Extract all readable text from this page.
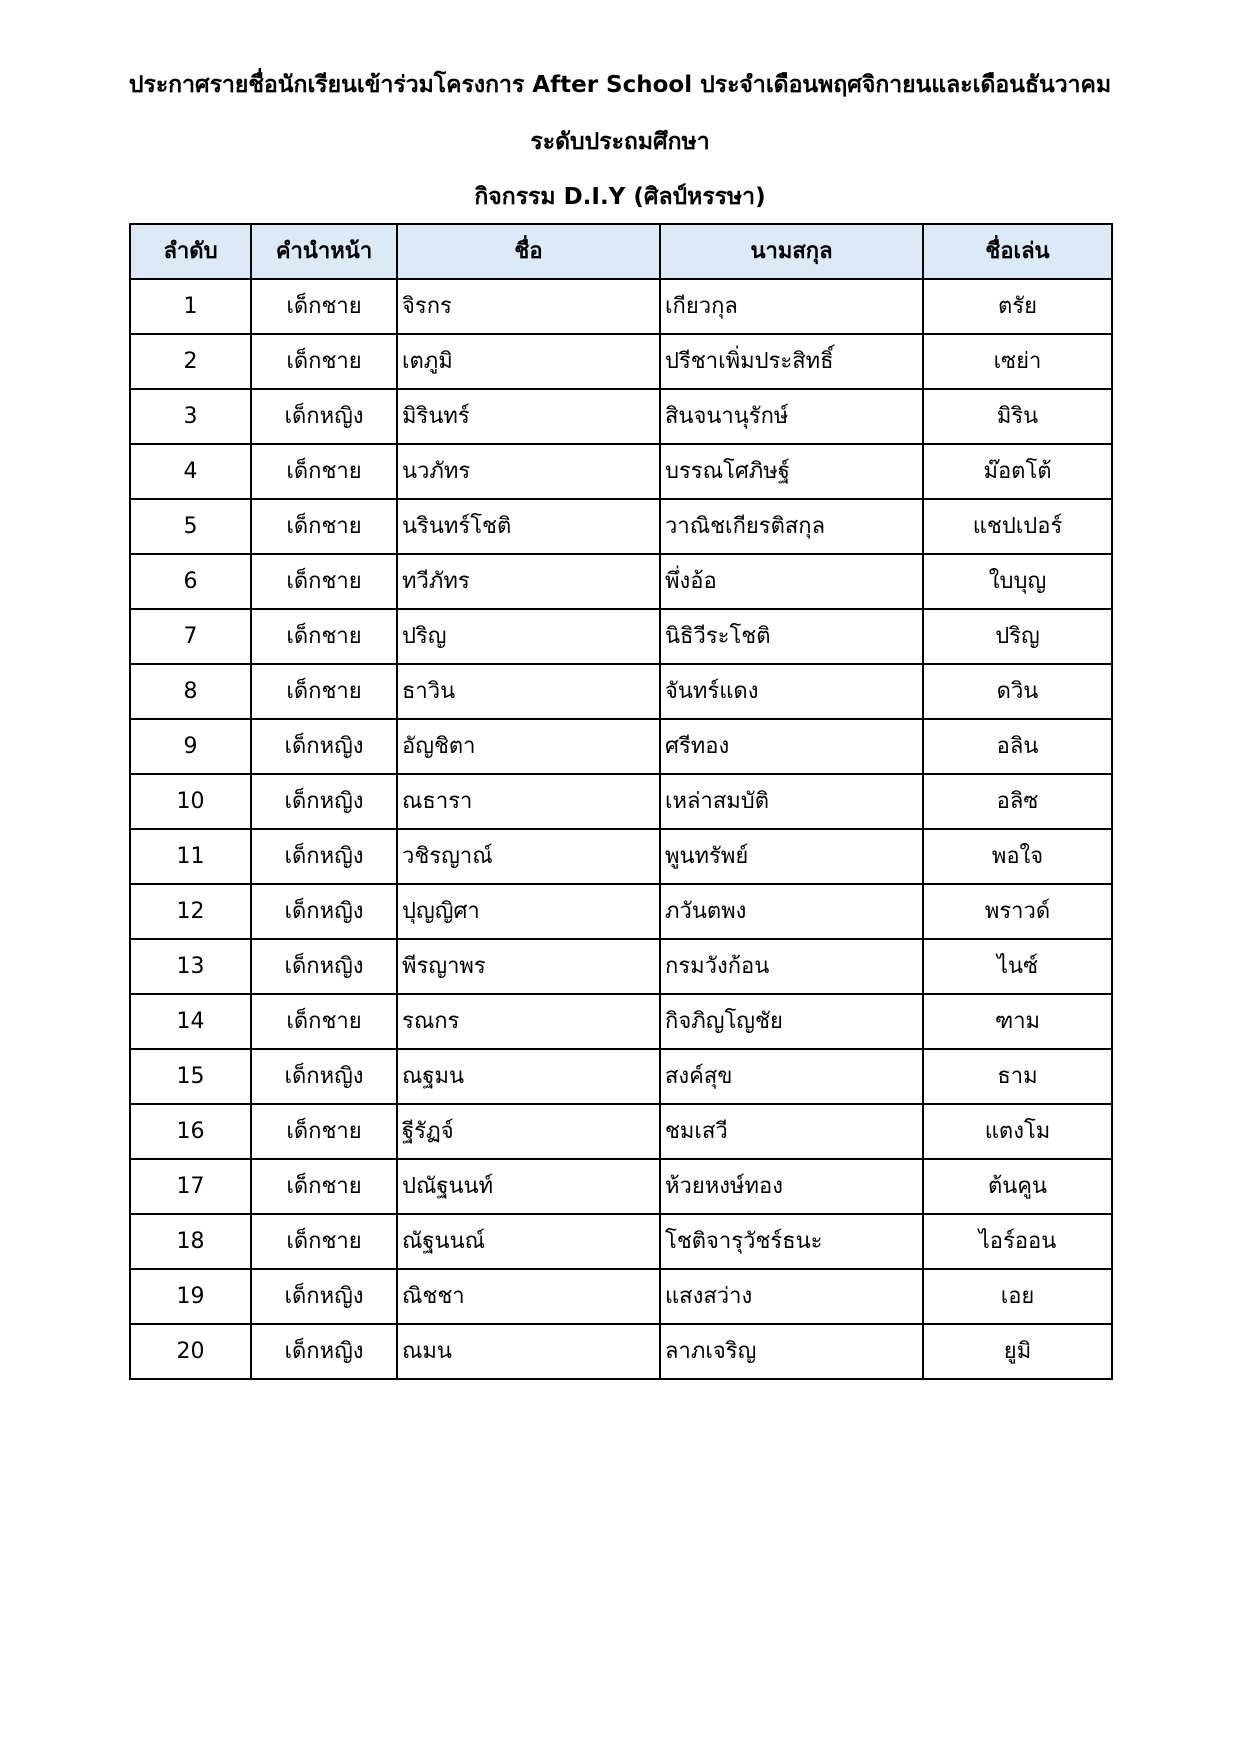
ประกาศรายชื่อนักเรียนเข้าร่วมโครงการ After School ประจำเดือนพฤศจิกายนและเดือนธันวาคม
ระดับประถมศึกษา
กิจกรรม D.I.Y (ศิลป์หรรษา)
ลำดับ	คำนำหน้า	ชื่อ	นามสกุล	ชื่อเล่น
1	เด็กชาย	จิรกร	เกียวกุล	ตรัย
2	เด็กชาย	เตภูมิ	ปรีชาเพิ่มประสิทธิ์	เซย่า
3	เด็กหญิง	มิรินทร์	สินจนานุรักษ์	มิริน
4	เด็กชาย	นวภัทร	บรรณโศภิษฐ์	ม๊อตโต้
5	เด็กชาย	นรินทร์โชติ	วาณิชเกียรติสกุล	แชปเปอร์
6	เด็กชาย	ทวีภัทร	พึ่งอ้อ	ใบบุญ
7	เด็กชาย	ปริญ	นิธิวีระโชติ	ปริญ
8	เด็กชาย	ธาวิน	จันทร์แดง	ดวิน
9	เด็กหญิง	อัญชิตา	ศรีทอง	อลิน
10	เด็กหญิง	ณธารา	เหล่าสมบัติ	อลิซ
11	เด็กหญิง	วชิรญาณ์	พูนทรัพย์	พอใจ
12	เด็กหญิง	ปุญญิศา	ภวันตพง	พราวด์
13	เด็กหญิง	พีรญาพร	กรมวังก้อน	ไนซ์
14	เด็กชาย	รณกร	กิจภิญโญชัย	ฑาม
15	เด็กหญิง	ณฐมน	สงค์สุข	ธาม
16	เด็กชาย	ฐีรัฏจ์	ชมเสวี	แตงโม
17	เด็กชาย	ปณัฐนนท์	ห้วยหงษ์ทอง	ต้นคูน
18	เด็กชาย	ณัฐนนณ์	โชติจารุวัชร์ธนะ	ไอร์ออน
19	เด็กหญิง	ณิชชา	แสงสว่าง	เอย
20	เด็กหญิง	ณมน	ลาภเจริญ	ยูมิ
